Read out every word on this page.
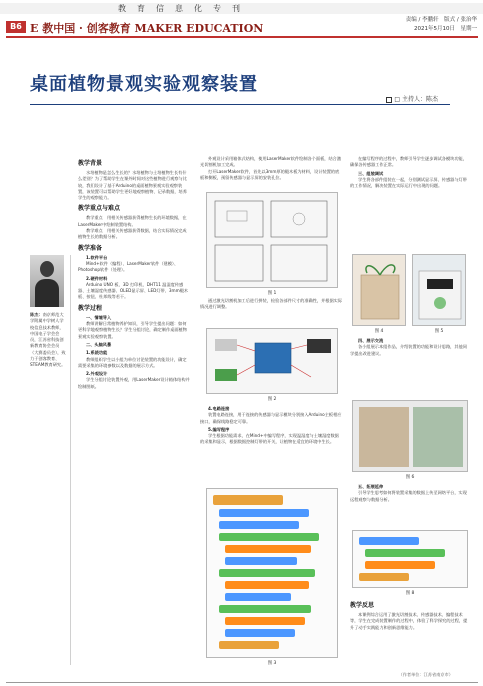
教育信息化专刊
B6 E 教中国 · 创客教育 MAKER EDUCATION
责编 / 李鹏轩　版式 / 张治华
2021年5月10日　星期一
桌面植物景观实验观察装置
□ 主持人：陈杰
教学背景

水培植物是怎么生长的？水培植物与土培植物生长有什么差别？为了帮助学生在课外时间对这些植物进行观察与比较，我们设计了基于Arduino的桌面植物景观实验观察装置，该装置可以帮助学生更好地观察植物、记录数据，培养学生的观察能力。

教学重点与难点

教学重点　用相关传感器获得植物生长的环境数据，在LaserMaker中绘制装置结构。

教学难点　用相关传感器获得数据，结合实际情况完成植物生长的数据分析。

教学准备

1.软件平台

Mind+软件（编程）、LaserMaker软件（建模）、Photoshop软件（处理）。

2.硬件材料

Arduino UNO 板、3D 打印机、DHT11 温湿度传感器、土壤湿度传感器、OLED显示屏、LED灯带、3mm椴木板、按钮、杜邦线等若干。

教学过程

一、情境导入

教师讲解日常植物养护知识，引导学生提出问题：如何更科学地观察植物生长？学生分组讨论，确定制作桌面植物景观实验观察装置。

二、头脑风暴

1.系统功能

教师组织学生以小组为单位讨论装置的功能设计，确定需要采集的环境参数以及数据的展示方式。

2.外观设计

学生分组讨论装置外观，用LaserMaker设计箱体结构并绘制图纸。

陈杰：南京师范大学附属中学树人学校信息技术教师，中国电子学会会员，江苏省科技创新教育协会会员（大赛委员会），致力于创客教育、STEAM教育研究。

外观设计采用箱体式结构，使用LaserMaker软件绘制各个面板，结合激光切割机加工完成。

打开LaserMaker软件，首先以3mm厚的椴木板为材料，设计装置的底板和侧板，预留传感器与显示屏的安装孔位。

图 1

通过激光切割机加工后进行拼装，检验各部件尺寸的准确性，并根据实际情况进行调整。

图 2

4.电路连接

装置电路连接，用于连接的传感器与显示模块分别接入Arduino主板相应接口，确保线路稳定可靠。

5.编写程序

学生根据功能需求，在Mind+中编写程序，实现温湿度与土壤湿度数据的采集和显示，根据数据控制灯带的开关，让植物在适宜的环境中生长。

图 3

在编写程序的过程中，教师引导学生逐步调试各模块功能，确保各传感器工作正常。

三、组装调试

学生将各部件组装在一起，分别测试显示屏、传感器与灯带的工作情况，解决装置在实际运行中出现的问题。

图 4	图 5

四、展示交流

各小组展示本组作品，介绍装置的功能和设计思路，其他同学提出改进建议。

图 6

五、拓展延伸

引导学生思考如何将装置采集的数据上传至网络平台，实现远程观察与数据分析。

图 8
教学反思

本课例综合运用了激光切割技术、传感器技术、编程技术等，学生在完成装置制作的过程中，体验了科学探究的过程，提升了动手实践能力和创新思维能力。

（作者单位：江苏省南京市）
